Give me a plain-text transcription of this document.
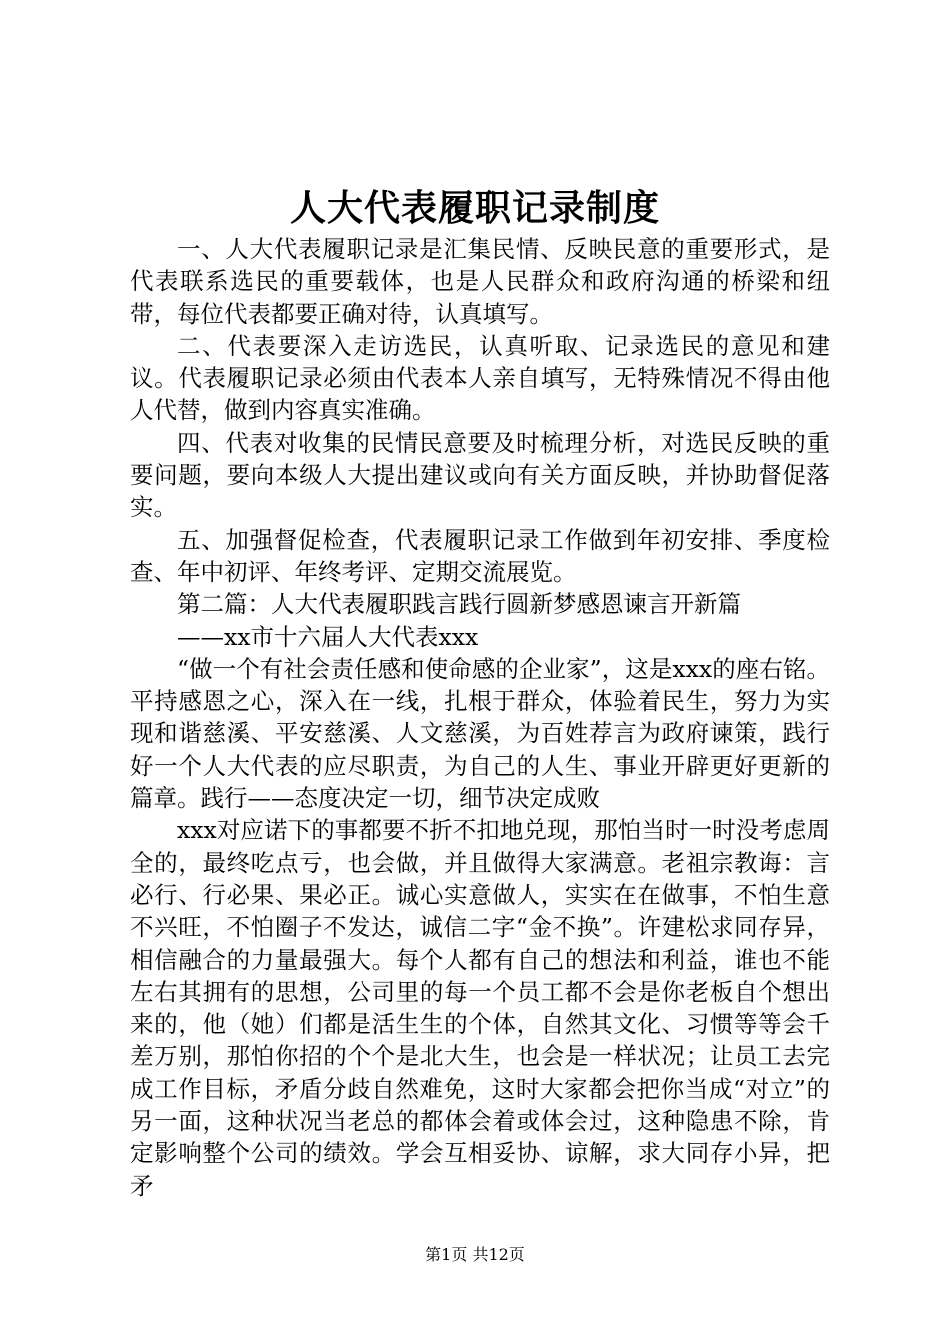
人大代表履职记录制度

一、人大代表履职记录是汇集民情、反映民意的重要形式，是代表联系选民的重要载体，也是人民群众和政府沟通的桥梁和纽带，每位代表都要正确对待，认真填写。

二、代表要深入走访选民，认真听取、记录选民的意见和建议。代表履职记录必须由代表本人亲自填写，无特殊情况不得由他人代替，做到内容真实准确。

四、代表对收集的民情民意要及时梳理分析，对选民反映的重要问题，要向本级人大提出建议或向有关方面反映，并协助督促落实。

五、加强督促检查，代表履职记录工作做到年初安排、季度检查、年中初评、年终考评、定期交流展览。

第二篇：人大代表履职践言践行圆新梦感恩谏言开新篇

——xx市十六届人大代表xxx

“做一个有社会责任感和使命感的企业家”，这是xxx的座右铭。平持感恩之心，深入在一线，扎根于群众，体验着民生，努力为实现和谐慈溪、平安慈溪、人文慈溪，为百姓荐言为政府谏策，践行好一个人大代表的应尽职责，为自己的人生、事业开辟更好更新的篇章。践行——态度决定一切，细节决定成败

xxx对应诺下的事都要不折不扣地兑现，那怕当时一时没考虑周全的，最终吃点亏，也会做，并且做得大家满意。老祖宗教诲：言必行、行必果、果必正。诚心实意做人，实实在在做事，不怕生意不兴旺，不怕圈子不发达，诚信二字“金不换”。许建松求同存异，相信融合的力量最强大。每个人都有自己的想法和利益，谁也不能左右其拥有的思想，公司里的每一个员工都不会是你老板自个想出来的，他（她）们都是活生生的个体，自然其文化、习惯等等会千差万别，那怕你招的个个是北大生，也会是一样状况；让员工去完成工作目标，矛盾分歧自然难免，这时大家都会把你当成“对立”的另一面，这种状况当老总的都体会着或体会过，这种隐患不除，肯定影响整个公司的绩效。学会互相妥协、谅解，求大同存小异，把矛

第1页 共12页
